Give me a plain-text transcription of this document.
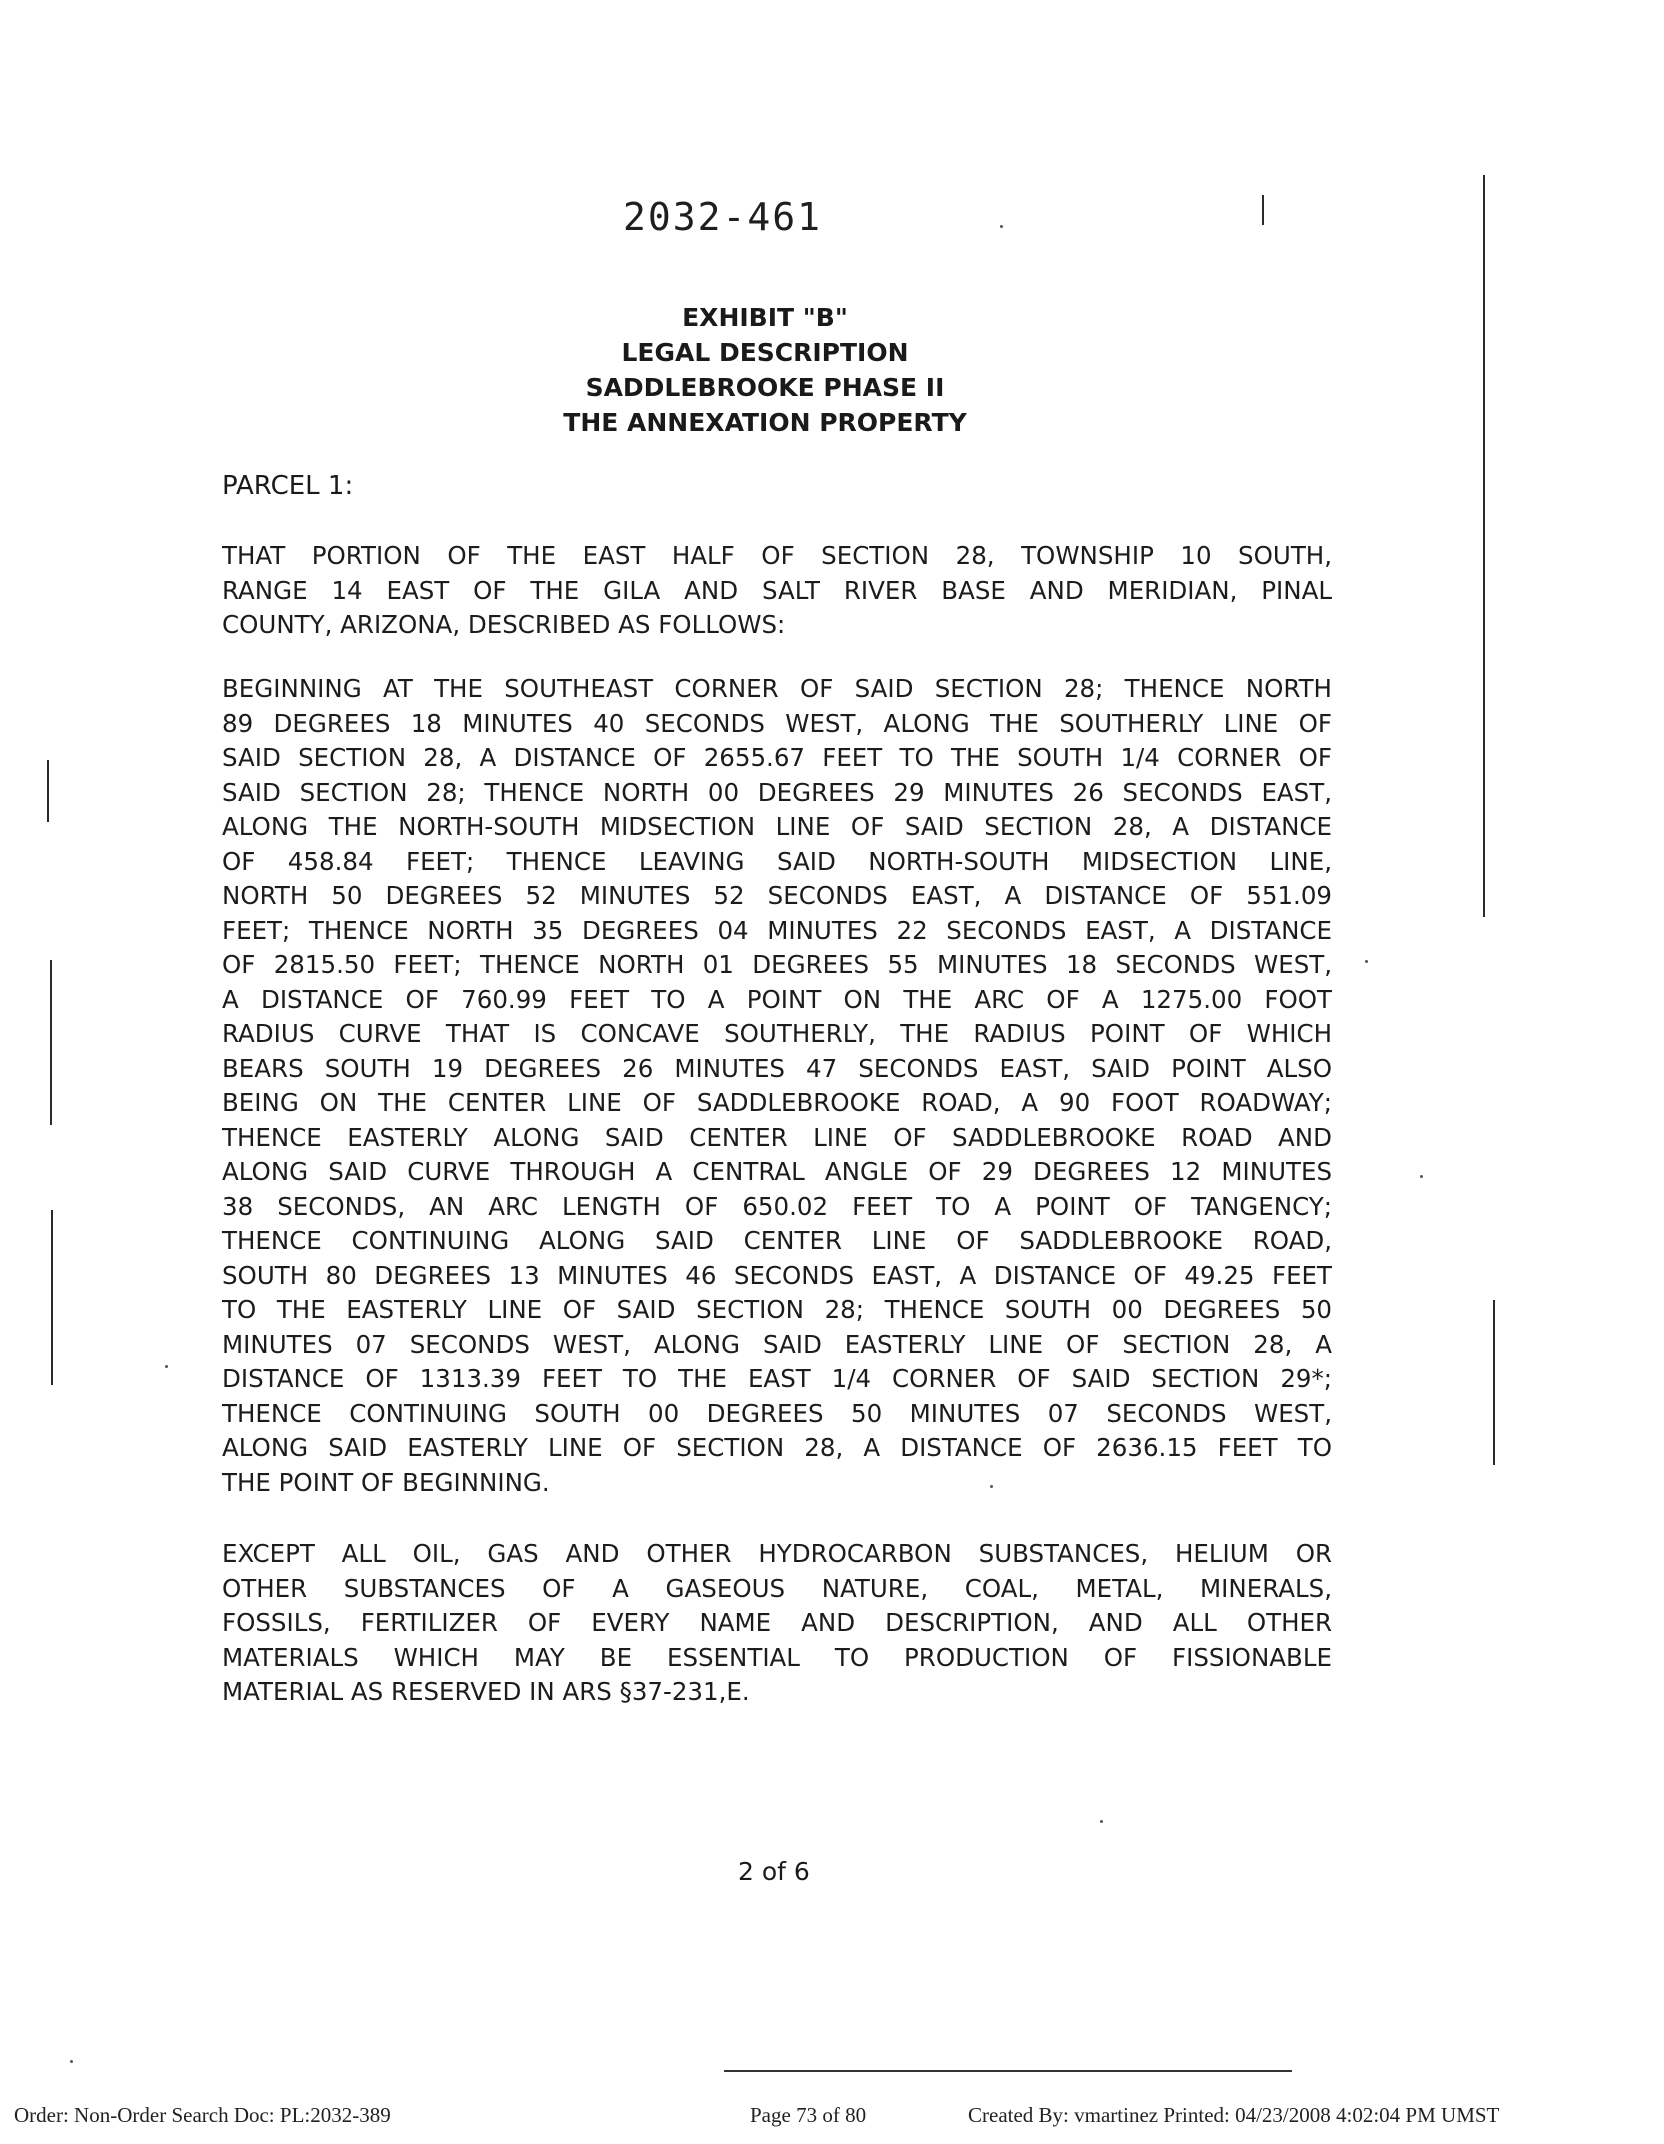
2032-461
EXHIBIT "B"
LEGAL DESCRIPTION
SADDLEBROOKE PHASE II
THE ANNEXATION PROPERTY
PARCEL 1:
THAT PORTION OF THE EAST HALF OF SECTION 28, TOWNSHIP 10 SOUTH,
RANGE 14 EAST OF THE GILA AND SALT RIVER BASE AND MERIDIAN, PINAL
COUNTY, ARIZONA, DESCRIBED AS FOLLOWS:
BEGINNING AT THE SOUTHEAST CORNER OF SAID SECTION 28; THENCE NORTH
89 DEGREES 18 MINUTES 40 SECONDS WEST, ALONG THE SOUTHERLY LINE OF
SAID SECTION 28, A DISTANCE OF 2655.67 FEET TO THE SOUTH 1/4 CORNER OF
SAID SECTION 28; THENCE NORTH 00 DEGREES 29 MINUTES 26 SECONDS EAST,
ALONG THE NORTH-SOUTH MIDSECTION LINE OF SAID SECTION 28, A DISTANCE
OF 458.84 FEET; THENCE LEAVING SAID NORTH-SOUTH MIDSECTION LINE,
NORTH 50 DEGREES 52 MINUTES 52 SECONDS EAST, A DISTANCE OF 551.09
FEET; THENCE NORTH 35 DEGREES 04 MINUTES 22 SECONDS EAST, A DISTANCE
OF 2815.50 FEET; THENCE NORTH 01 DEGREES 55 MINUTES 18 SECONDS WEST,
A DISTANCE OF 760.99 FEET TO A POINT ON THE ARC OF A 1275.00 FOOT
RADIUS CURVE THAT IS CONCAVE SOUTHERLY, THE RADIUS POINT OF WHICH
BEARS SOUTH 19 DEGREES 26 MINUTES 47 SECONDS EAST, SAID POINT ALSO
BEING ON THE CENTER LINE OF SADDLEBROOKE ROAD, A 90 FOOT ROADWAY;
THENCE EASTERLY ALONG SAID CENTER LINE OF SADDLEBROOKE ROAD AND
ALONG SAID CURVE THROUGH A CENTRAL ANGLE OF 29 DEGREES 12 MINUTES
38 SECONDS, AN ARC LENGTH OF 650.02 FEET TO A POINT OF TANGENCY;
THENCE CONTINUING ALONG SAID CENTER LINE OF SADDLEBROOKE ROAD,
SOUTH 80 DEGREES 13 MINUTES 46 SECONDS EAST, A DISTANCE OF 49.25 FEET
TO THE EASTERLY LINE OF SAID SECTION 28; THENCE SOUTH 00 DEGREES 50
MINUTES 07 SECONDS WEST, ALONG SAID EASTERLY LINE OF SECTION 28, A
DISTANCE OF 1313.39 FEET TO THE EAST 1/4 CORNER OF SAID SECTION 29*;
THENCE CONTINUING SOUTH 00 DEGREES 50 MINUTES 07 SECONDS WEST,
ALONG SAID EASTERLY LINE OF SECTION 28, A DISTANCE OF 2636.15 FEET TO
THE POINT OF BEGINNING.
EXCEPT ALL OIL, GAS AND OTHER HYDROCARBON SUBSTANCES, HELIUM OR
OTHER SUBSTANCES OF A GASEOUS NATURE, COAL, METAL, MINERALS,
FOSSILS, FERTILIZER OF EVERY NAME AND DESCRIPTION, AND ALL OTHER
MATERIALS WHICH MAY BE ESSENTIAL TO PRODUCTION OF FISSIONABLE
MATERIAL AS RESERVED IN ARS §37-231,E.
2 of 6
Order: Non-Order Search Doc: PL:2032-389	Page 73 of 80	Created By: vmartinez Printed: 04/23/2008 4:02:04 PM UMST
